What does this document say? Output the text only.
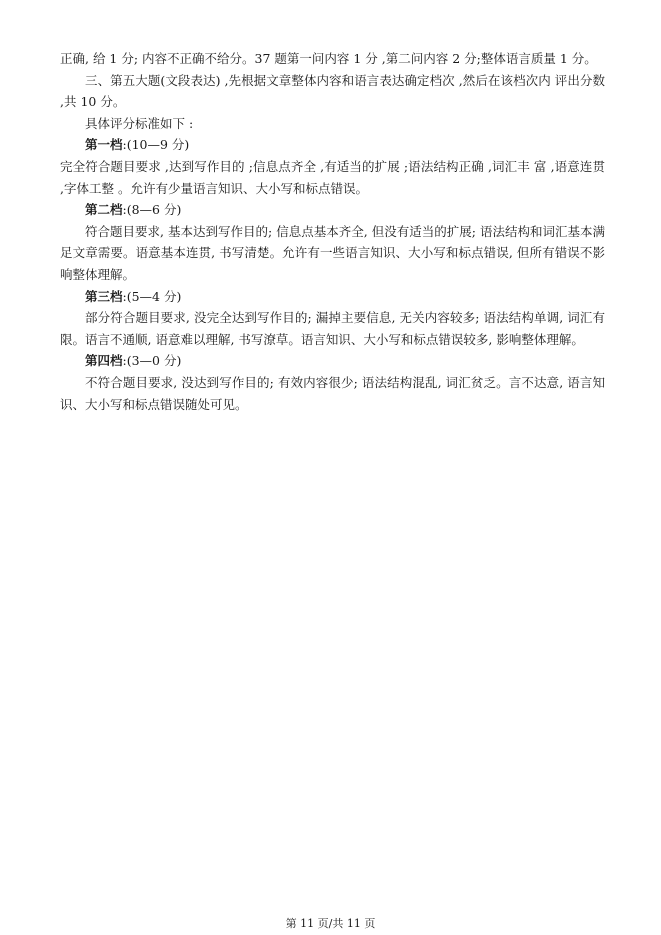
正确, 给 1 分; 内容不正确不给分。37 题第一问内容 1 分 ,第二问内容 2 分;整体语言质量 1 分。

三、第五大题(文段表达) ,先根据文章整体内容和语言表达确定档次 ,然后在该档次内 评出分数 ,共 10 分。

具体评分标准如下 :

第一档:(10—9 分)

完全符合题目要求 ,达到写作目的 ;信息点齐全 ,有适当的扩展 ;语法结构正确 ,词汇丰 富 ,语意连贯 ,字体工整 。允许有少量语言知识、大小写和标点错误。

第二档:(8—6 分)

符合题目要求, 基本达到写作目的; 信息点基本齐全, 但没有适当的扩展; 语法结构和词汇基本满足文章需要。语意基本连贯, 书写清楚。允许有一些语言知识、大小写和标点错误, 但所有错误不影响整体理解。

第三档:(5—4 分)

部分符合题目要求, 没完全达到写作目的; 漏掉主要信息, 无关内容较多; 语法结构单调, 词汇有限。语言不通顺, 语意难以理解, 书写潦草。语言知识、大小写和标点错误较多, 影响整体理解。

第四档:(3—0 分)

不符合题目要求, 没达到写作目的; 有效内容很少; 语法结构混乱, 词汇贫乏。言不达意, 语言知识、大小写和标点错误随处可见。

第 11 页/共 11 页
